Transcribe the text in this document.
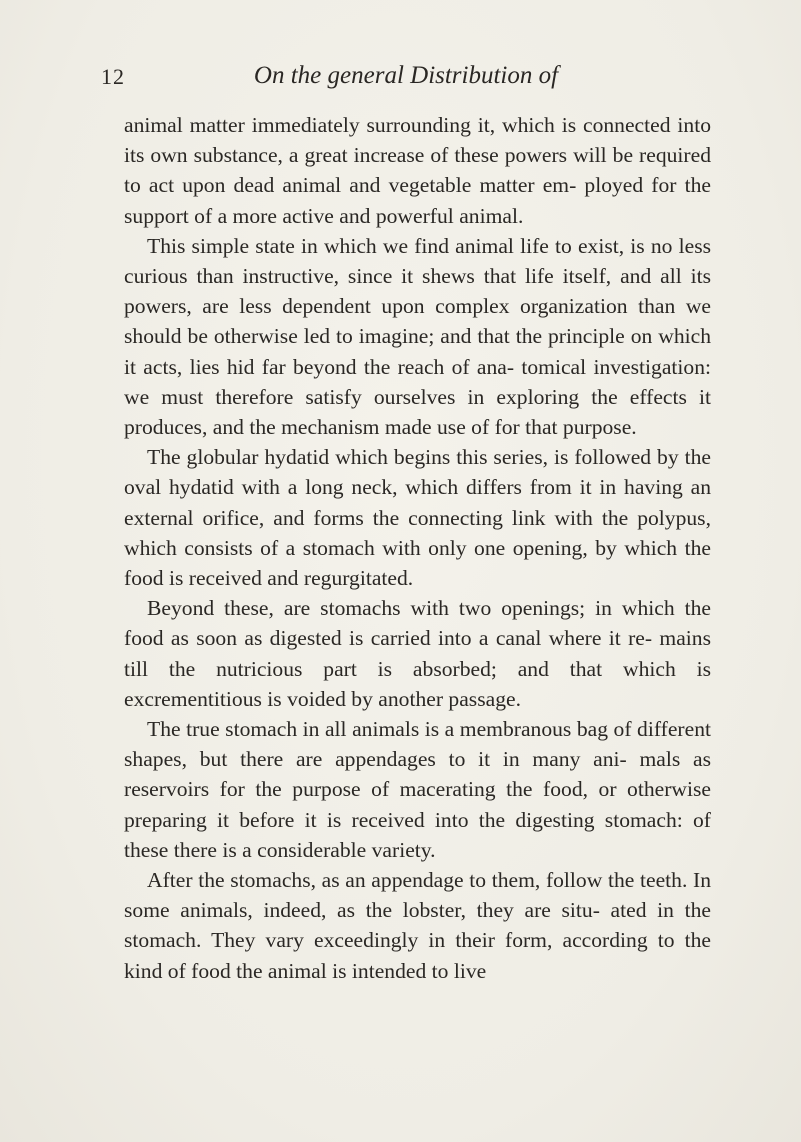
12	On the general Distribution of

animal matter immediately surrounding it, which is connected into its own substance, a great increase of these powers will be required to act upon dead animal and vegetable matter em- ployed for the support of a more active and powerful animal.

This simple state in which we find animal life to exist, is no less curious than instructive, since it shews that life itself, and all its powers, are less dependent upon complex organization than we should be otherwise led to imagine; and that the principle on which it acts, lies hid far beyond the reach of ana- tomical investigation: we must therefore satisfy ourselves in exploring the effects it produces, and the mechanism made use of for that purpose.

The globular hydatid which begins this series, is followed by the oval hydatid with a long neck, which differs from it in having an external orifice, and forms the connecting link with the polypus, which consists of a stomach with only one opening, by which the food is received and regurgitated.

Beyond these, are stomachs with two openings; in which the food as soon as digested is carried into a canal where it re- mains till the nutricious part is absorbed; and that which is excrementitious is voided by another passage.

The true stomach in all animals is a membranous bag of different shapes, but there are appendages to it in many ani- mals as reservoirs for the purpose of macerating the food, or otherwise preparing it before it is received into the digesting stomach: of these there is a considerable variety.

After the stomachs, as an appendage to them, follow the teeth. In some animals, indeed, as the lobster, they are situ- ated in the stomach. They vary exceedingly in their form, according to the kind of food the animal is intended to live
